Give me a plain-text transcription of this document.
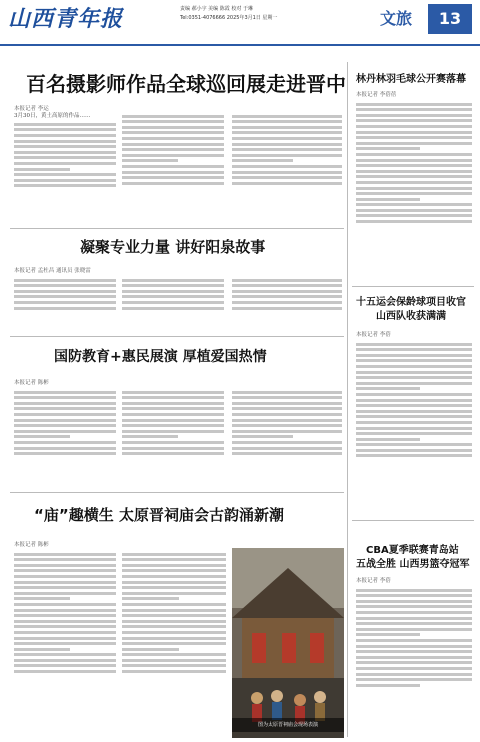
山西青年报	责编 郝小宇 美编 陈霞 校对 于琳
Tel:0351-4076666 2025年3月1日 星期一	文旅	13
百名摄影师作品全球巡回展走进晋中
本报记者 李运
3月30日，黄土高原的作品……
凝聚专业力量 讲好阳泉故事
本报记者 孟杜昌 通讯员 张晓雷
国防教育+惠民展演 厚植爱国热情
本报记者 陈彬
“庙”趣横生 太原晋祠庙会古韵涌新潮
本报记者 陈彬
图为太原晋祠庙会现场表演
林丹林羽毛球公开赛落幕
本报记者 李蓓蓓
十五运会保龄球项目收官
山西队收获满满
本报记者 李蓓
CBA夏季联赛青岛站
五战全胜 山西男篮夺冠军
本报记者 李蓓
